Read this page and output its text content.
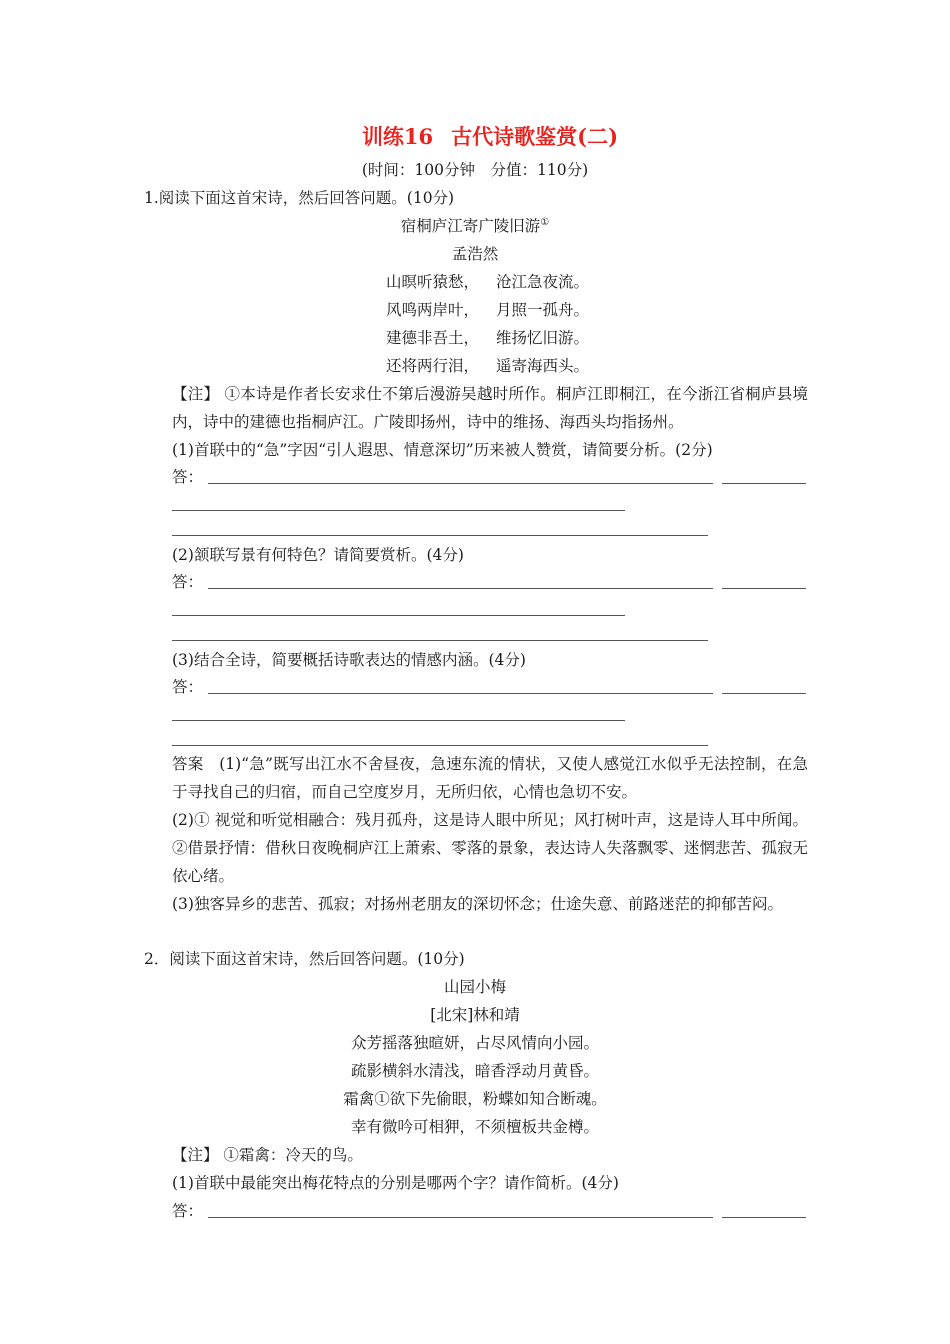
训练16 古代诗歌鉴赏(二)
(时间：100分钟　分值：110分)
1.阅读下面这首宋诗，然后回答问题。(10分)
宿桐庐江寄广陵旧游①
孟浩然
山暝听猿愁， 沧江急夜流。
风鸣两岸叶， 月照一孤舟。
建德非吾土， 维扬忆旧游。
还将两行泪， 遥寄海西头。
【注】 ①本诗是作者长安求仕不第后漫游吴越时所作。桐庐江即桐江，在今浙江省桐庐县境内，诗中的建德也指桐庐江。广陵即扬州，诗中的维扬、海西头均指扬州。
(1)首联中的“急”字因“引人遐思、情意深切”历来被人赞赏，请简要分析。(2分)
答：
(2)颔联写景有何特色？请简要赏析。(4分)
答：
(3)结合全诗，简要概括诗歌表达的情感内涵。(4分)
答：
答案　(1)“急”既写出江水不舍昼夜，急速东流的情状，又使人感觉江水似乎无法控制，在急于寻找自己的归宿，而自己空度岁月，无所归依，心情也急切不安。
(2)① 视觉和听觉相融合：残月孤舟，这是诗人眼中所见；风打树叶声，这是诗人耳中所闻。②借景抒情：借秋日夜晚桐庐江上萧索、零落的景象，表达诗人失落飘零、迷惘悲苦、孤寂无依心绪。
(3)独客异乡的悲苦、孤寂；对扬州老朋友的深切怀念；仕途失意、前路迷茫的抑郁苦闷。
2．阅读下面这首宋诗，然后回答问题。(10分)
山园小梅
[北宋]林和靖
众芳摇落独暄妍，占尽风情向小园。
疏影横斜水清浅，暗香浮动月黄昏。
霜禽①欲下先偷眼，粉蝶如知合断魂。
幸有微吟可相狎，不须檀板共金樽。
【注】 ①霜禽：冷天的鸟。
(1)首联中最能突出梅花特点的分别是哪两个字？请作简析。(4分)
答：
